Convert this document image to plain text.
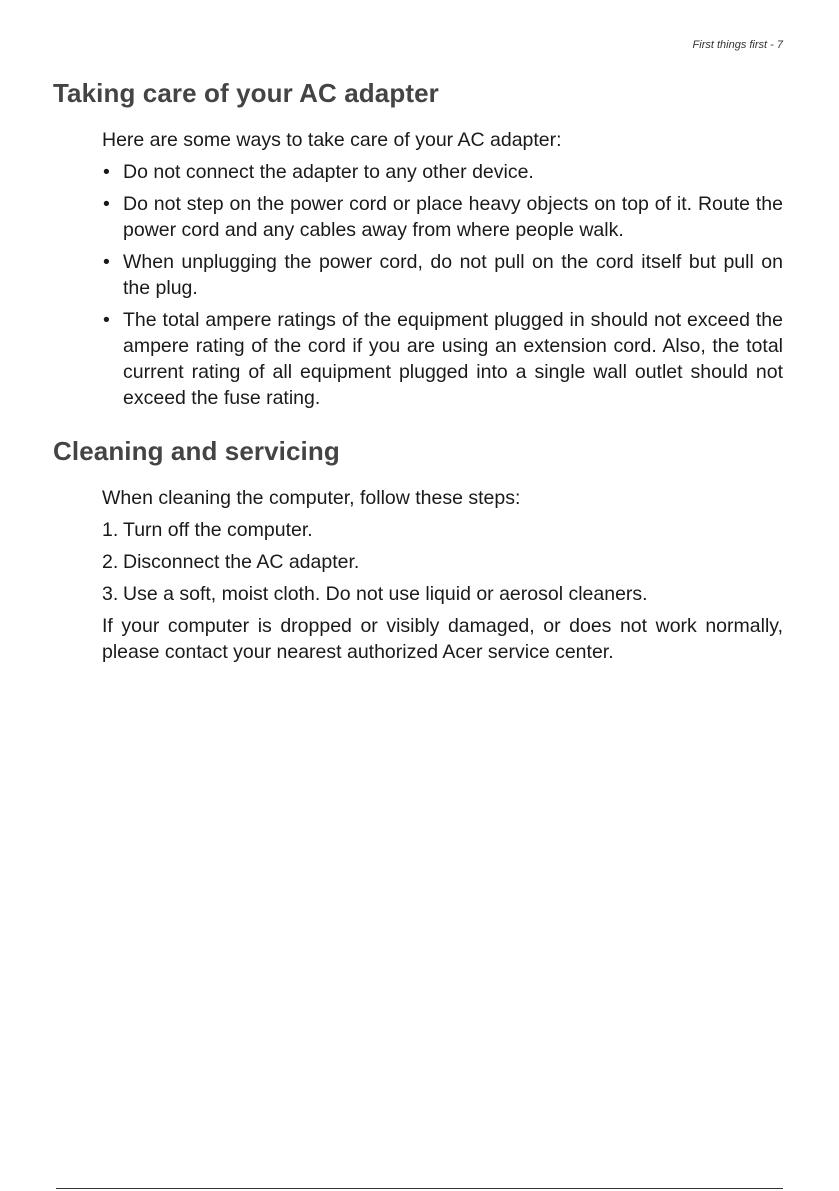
First things first - 7
Taking care of your AC adapter

Here are some ways to take care of your AC adapter:

• Do not connect the adapter to any other device.
• Do not step on the power cord or place heavy objects on top of it. Route the power cord and any cables away from where people walk.
• When unplugging the power cord, do not pull on the cord itself but pull on the plug.
• The total ampere ratings of the equipment plugged in should not exceed the ampere rating of the cord if you are using an extension cord. Also, the total current rating of all equipment plugged into a single wall outlet should not exceed the fuse rating.
Cleaning and servicing

When cleaning the computer, follow these steps:

1. Turn off the computer.
2. Disconnect the AC adapter.
3. Use a soft, moist cloth. Do not use liquid or aerosol cleaners.

If your computer is dropped or visibly damaged, or does not work normally, please contact your nearest authorized Acer service center.
